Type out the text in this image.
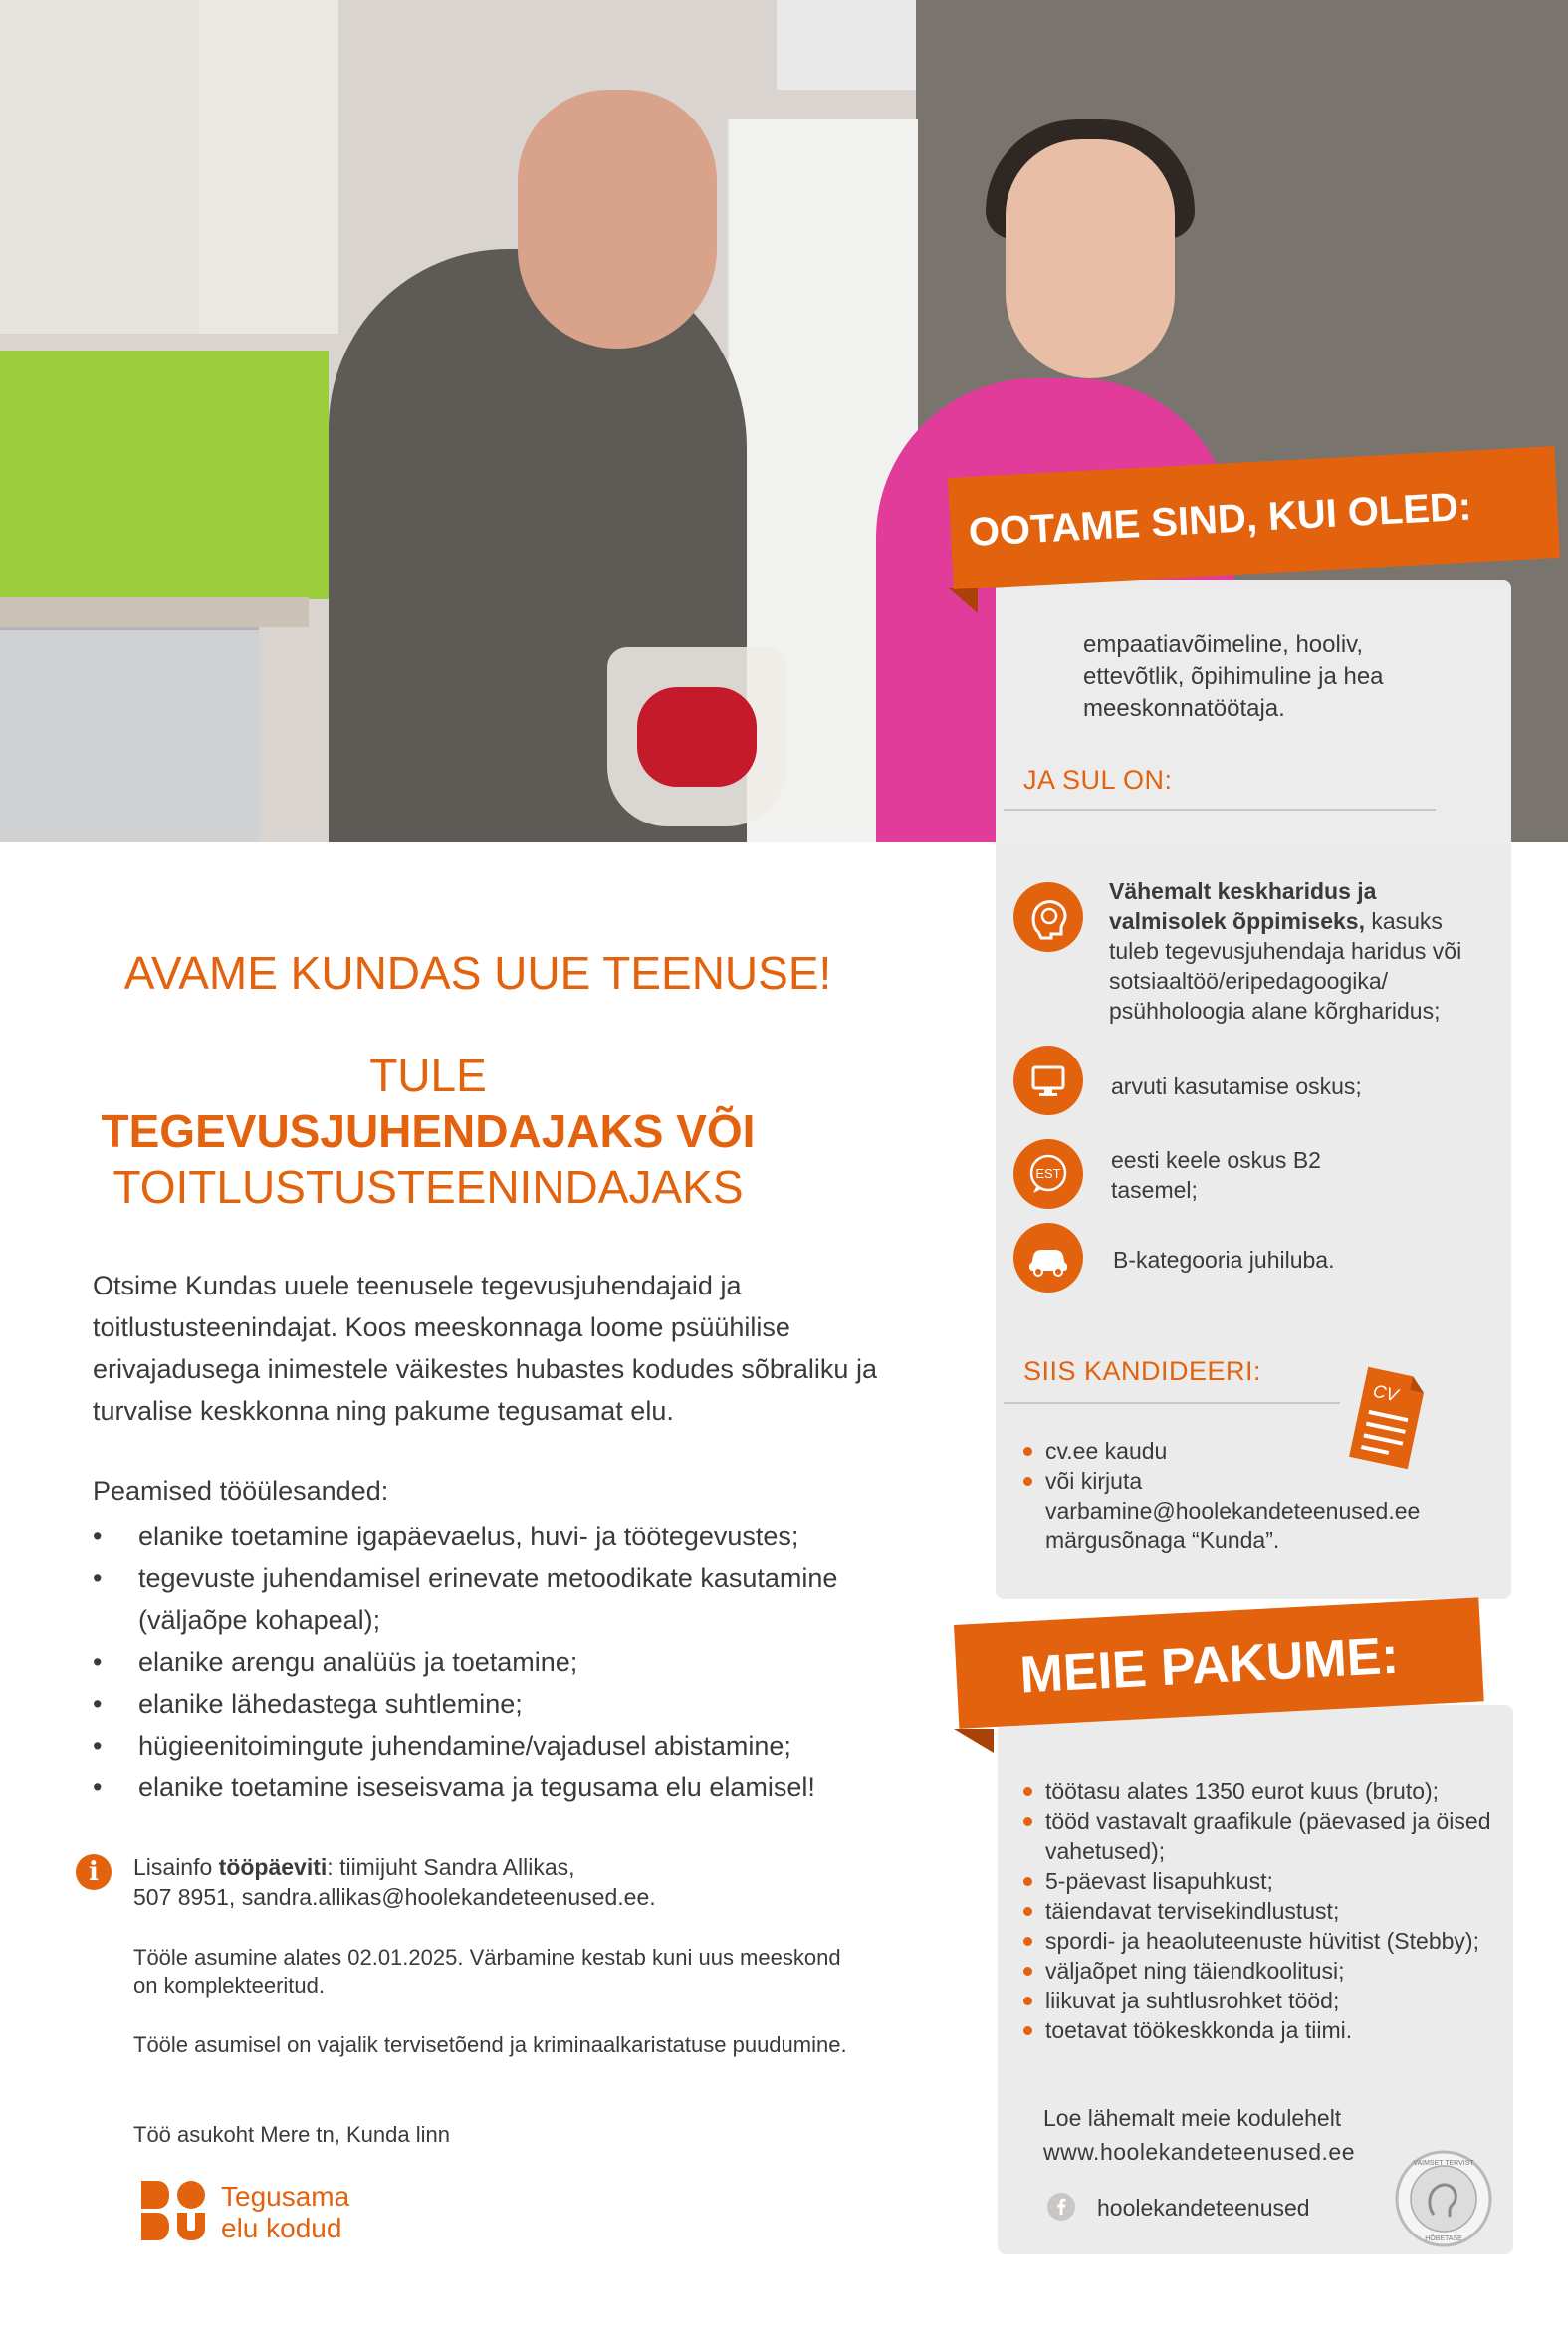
OOTAME SIND, KUI OLED:
empaatiavõimeline, hooliv, ettevõtlik, õpihimuline ja hea meeskonnatöötaja.
JA SUL ON:
Vähemalt keskharidus ja valmisolek õppimiseks, kasuks tuleb tegevusjuhendaja haridus või sotsiaaltöö/eripedagoogika/ psühholoogia alane kõrgharidus;
arvuti kasutamise oskus;
EST
eesti keele oskus B2 tasemel;
B-kategooria juhiluba.
SIIS KANDIDEERI:
CV
cv.ee kaudu
või kirjuta
varbamine@hoolekandeteenused.ee
märgusõnaga “Kunda”.
MEIE PAKUME:
töötasu alates 1350 eurot kuus (bruto);
tööd vastavalt graafikule (päevased ja öised vahetused);
5-päevast lisapuhkust;
täiendavat tervisekindlustust;
spordi- ja heaoluteenuste hüvitist (Stebby);
väljaõpet ning täiendkoolitusi;
liikuvat ja suhtlusrohket tööd;
toetavat töökeskkonda ja tiimi.
Loe lähemalt meie kodulehelt
www.hoolekandeteenused.ee
hoolekandeteenused
VAIMSET TERVIST
HÕBETASE
AVAME KUNDAS UUE TEENUSE!
TULE
TEGEVUSJUHENDAJAKS VÕI
TOITLUSTUSTEENINDAJAKS
Otsime Kundas uuele teenusele tegevusjuhendajaid ja toitlustusteenindajat. Koos meeskonnaga loome psüühilise erivajadusega inimestele väikestes hubastes kodudes sõbraliku ja turvalise keskkonna ning pakume tegusamat elu.
Peamised tööülesanded:
• elanike toetamine igapäevaelus, huvi- ja töötegevustes;
• tegevuste juhendamisel erinevate metoodikate kasutamine (väljaõpe kohapeal);
• elanike arengu analüüs ja toetamine;
• elanike lähedastega suhtlemine;
• hügieenitoimingute juhendamine/vajadusel abistamine;
• elanike toetamine iseseisvama ja tegusama elu elamisel!
i	Lisainfo tööpäeviti: tiimijuht Sandra Allikas,
507 8951, sandra.allikas@hoolekandeteenused.ee.
Tööle asumine alates 02.01.2025. Värbamine kestab kuni uus meeskond on komplekteeritud.
Tööle asumisel on vajalik tervisetõend ja kriminaalkaristatuse puudumine.
Töö asukoht Mere tn, Kunda linn
Tegusama
elu kodud
